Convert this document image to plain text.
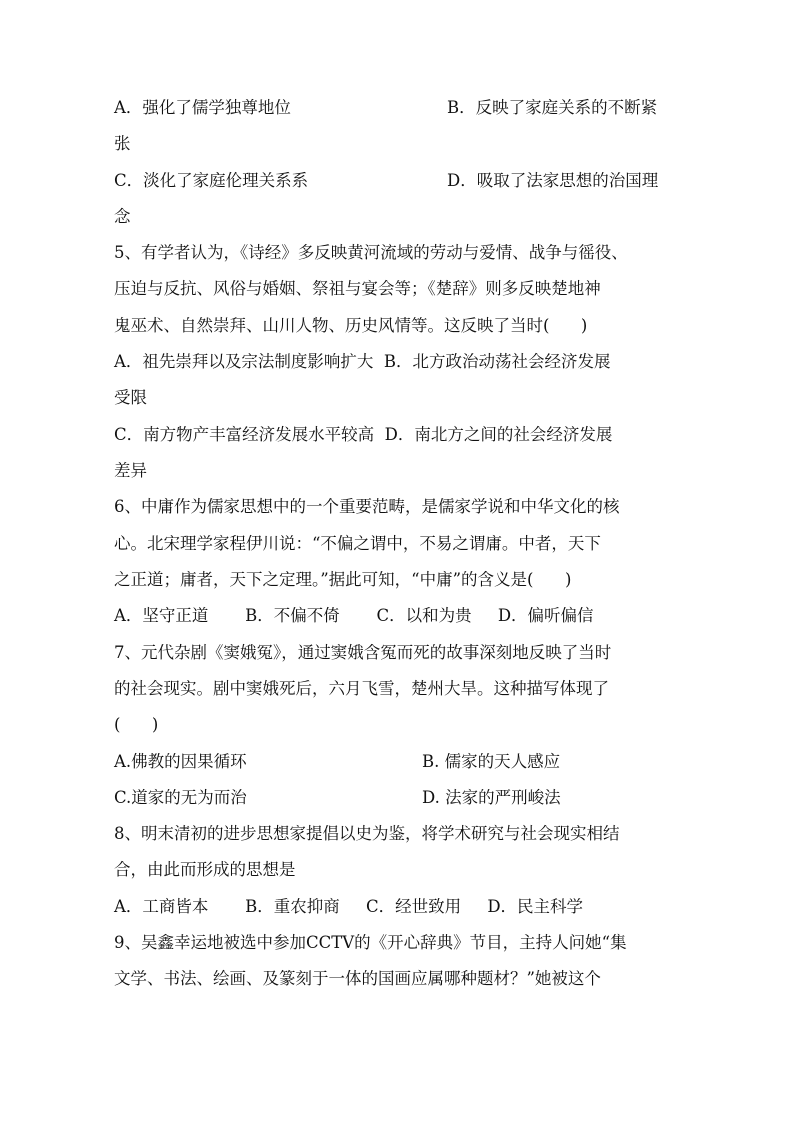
A．强化了儒学独尊地位	B．反映了家庭关系的不断紧
张
C．淡化了家庭伦理关系系	D．吸取了法家思想的治国理
念
5、有学者认为，《诗经》多反映黄河流域的劳动与爱情、战争与徭役、
压迫与反抗、风俗与婚姻、祭祖与宴会等；《楚辞》则多反映楚地神
鬼巫术、自然崇拜、山川人物、历史风情等。这反映了当时(      )
A．祖先崇拜以及宗法制度影响扩大  B．北方政治动荡社会经济发展
受限
C．南方物产丰富经济发展水平较高  D．南北方之间的社会经济发展
差异
6、中庸作为儒家思想中的一个重要范畴，是儒家学说和中华文化的核
心。北宋理学家程伊川说：“不偏之谓中，不易之谓庸。中者，天下
之正道；庸者，天下之定理。”据此可知，“中庸”的含义是(      )
A．坚守正道       B．不偏不倚       C．以和为贵     D．偏听偏信
7、元代杂剧《窦娥冤》，通过窦娥含冤而死的故事深刻地反映了当时
的社会现实。剧中窦娥死后，六月飞雪，楚州大旱。这种描写体现了
(      )
A.佛教的因果循环	B. 儒家的天人感应
C.道家的无为而治	D. 法家的严刑峻法
8、明末清初的进步思想家提倡以史为鉴，将学术研究与社会现实相结
合，由此而形成的思想是
A．工商皆本       B．重农抑商     C．经世致用     D．民主科学
9、吴鑫幸运地被选中参加CCTV的《开心辞典》节目，主持人问她“集
文学、书法、绘画、及篆刻于一体的国画应属哪种题材？”她被这个
